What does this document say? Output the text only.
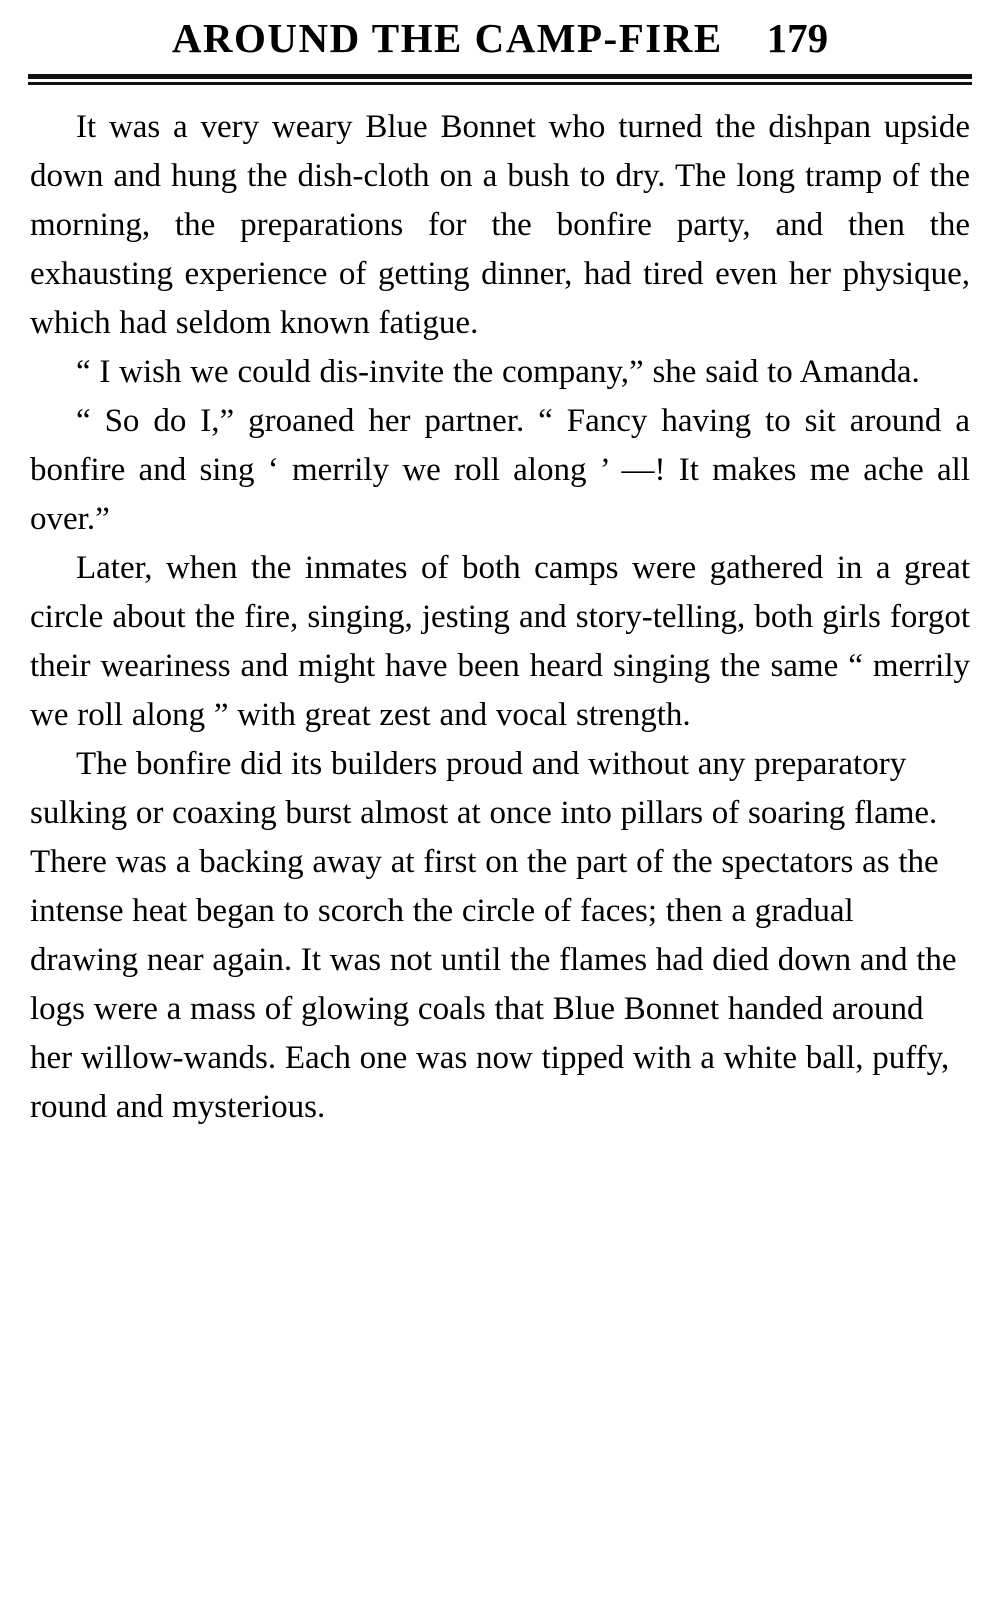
AROUND THE CAMP-FIRE 179

It was a very weary Blue Bonnet who turned the dishpan upside down and hung the dish-cloth on a bush to dry. The long tramp of the morning, the preparations for the bonfire party, and then the exhausting experience of getting dinner, had tired even her physique, which had seldom known fatigue.

“ I wish we could dis-invite the company,” she said to Amanda.

“ So do I,” groaned her partner. “ Fancy having to sit around a bonfire and sing ‘ merrily we roll along ’ —! It makes me ache all over.”

Later, when the inmates of both camps were gathered in a great circle about the fire, singing, jesting and story-telling, both girls forgot their weariness and might have been heard singing the same “ merrily we roll along ” with great zest and vocal strength.

The bonfire did its builders proud and without any preparatory sulking or coaxing burst almost at once into pillars of soaring flame. There was a backing away at first on the part of the spectators as the intense heat began to scorch the circle of faces; then a gradual drawing near again. It was not until the flames had died down and the logs were a mass of glowing coals that Blue Bonnet handed around her willow-wands. Each one was now tipped with a white ball, puffy, round and mysterious.
